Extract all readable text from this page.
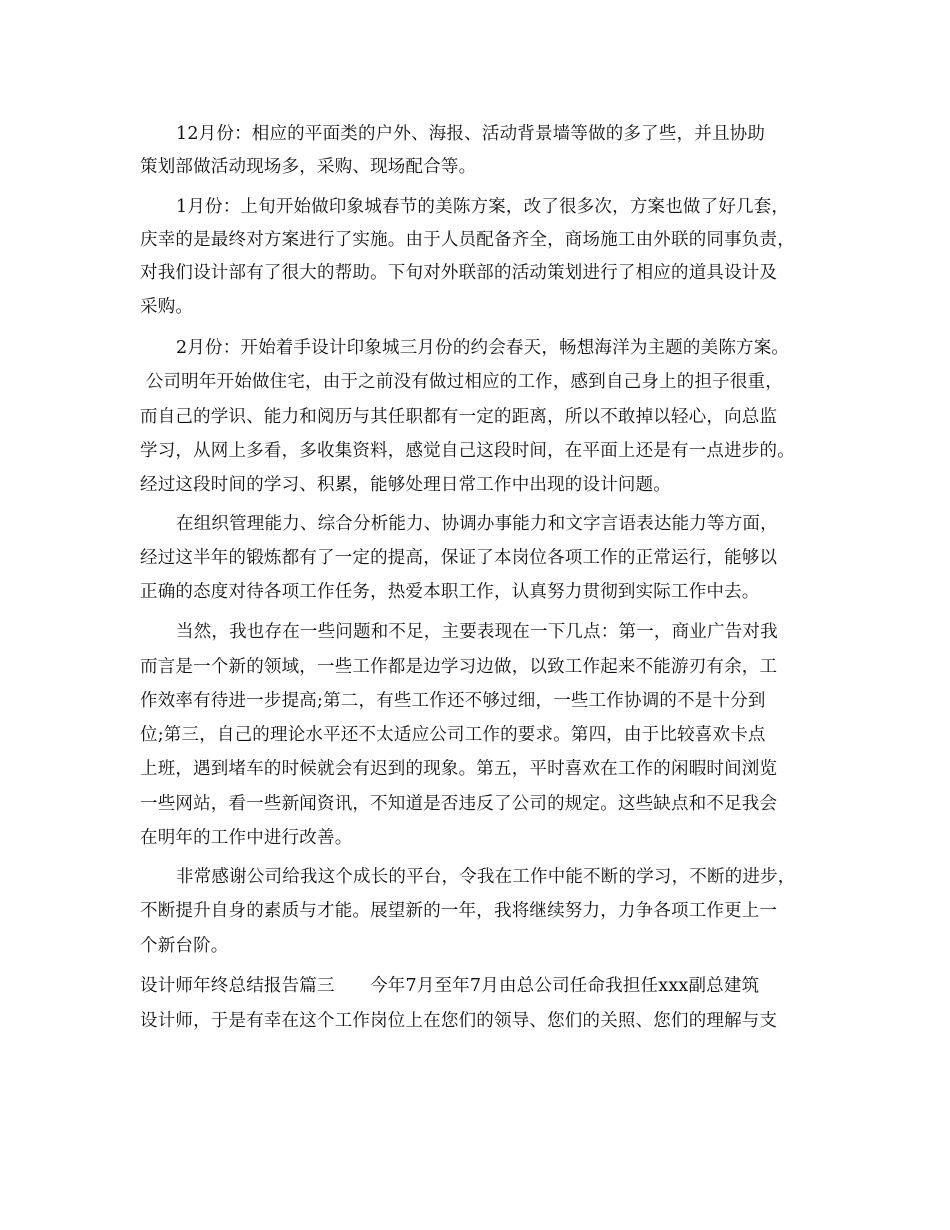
12月份：相应的平面类的户外、海报、活动背景墙等做的多了些，并且协助
策划部做活动现场多，采购、现场配合等。
1月份：上旬开始做印象城春节的美陈方案，改了很多次，方案也做了好几套，
庆幸的是最终对方案进行了实施。由于人员配备齐全，商场施工由外联的同事负责，
对我们设计部有了很大的帮助。下旬对外联部的活动策划进行了相应的道具设计及
采购。
2月份：开始着手设计印象城三月份的约会春天，畅想海洋为主题的美陈方案。
公司明年开始做住宅，由于之前没有做过相应的工作，感到自己身上的担子很重，
而自己的学识、能力和阅历与其任职都有一定的距离，所以不敢掉以轻心，向总监
学习，从网上多看，多收集资料，感觉自己这段时间，在平面上还是有一点进步的。
经过这段时间的学习、积累，能够处理日常工作中出现的设计问题。
在组织管理能力、综合分析能力、协调办事能力和文字言语表达能力等方面，
经过这半年的锻炼都有了一定的提高，保证了本岗位各项工作的正常运行，能够以
正确的态度对待各项工作任务，热爱本职工作，认真努力贯彻到实际工作中去。
当然，我也存在一些问题和不足，主要表现在一下几点：第一，商业广告对我
而言是一个新的领域，一些工作都是边学习边做，以致工作起来不能游刃有余，工
作效率有待进一步提高;第二，有些工作还不够过细，一些工作协调的不是十分到
位;第三，自己的理论水平还不太适应公司工作的要求。第四，由于比较喜欢卡点
上班，遇到堵车的时候就会有迟到的现象。第五，平时喜欢在工作的闲暇时间浏览
一些网站，看一些新闻资讯，不知道是否违反了公司的规定。这些缺点和不足我会
在明年的工作中进行改善。
非常感谢公司给我这个成长的平台，令我在工作中能不断的学习，不断的进步，
不断提升自身的素质与才能。展望新的一年，我将继续努力，力争各项工作更上一
个新台阶。
设计师年终总结报告篇三　　今年7月至年7月由总公司任命我担任xxx副总建筑
设计师，于是有幸在这个工作岗位上在您们的领导、您们的关照、您们的理解与支
